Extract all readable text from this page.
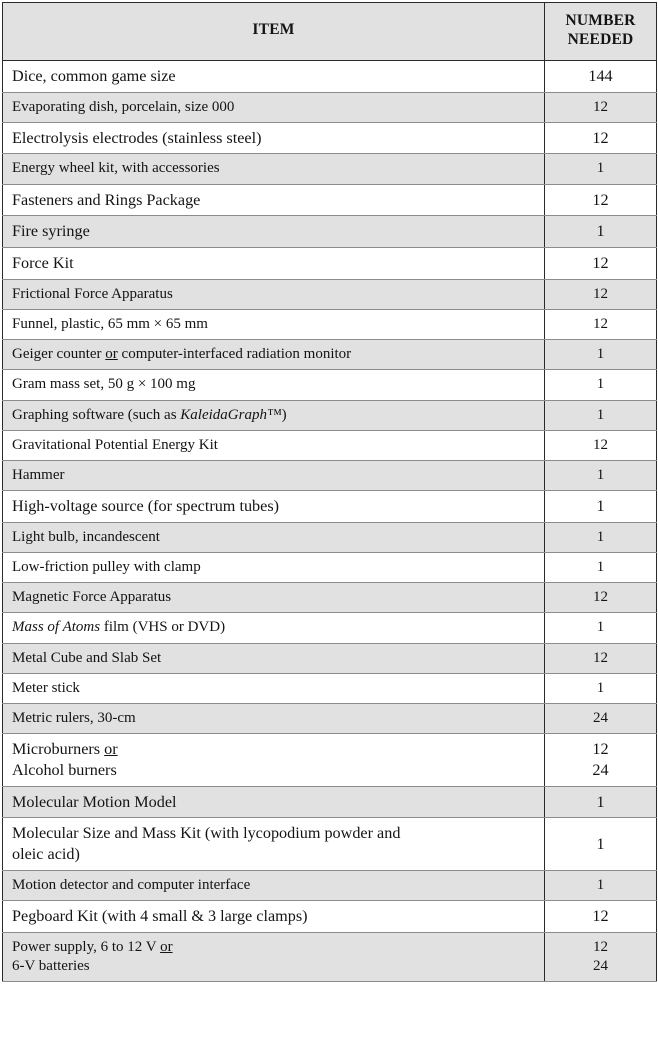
ITEM	NUMBER
NEEDED

Dice, common game size	144

Evaporating dish, porcelain, size 000	12

Electrolysis electrodes (stainless steel)	12

Energy wheel kit, with accessories	1

Fasteners and Rings Package	12

Fire syringe	1

Force Kit	12

Frictional Force Apparatus	12

Funnel, plastic, 65 mm × 65 mm	12

Geiger counter or computer-interfaced radiation monitor	1

Gram mass set, 50 g × 100 mg	1

Graphing software (such as KaleidaGraph™)	1

Gravitational Potential Energy Kit	12

Hammer	1

High-voltage source (for spectrum tubes)	1

Light bulb, incandescent	1

Low-friction pulley with clamp	1

Magnetic Force Apparatus	12

Mass of Atoms film (VHS or DVD)	1

Metal Cube and Slab Set	12

Meter stick	1

Metric rulers, 30-cm	24

Microburners or
Alcohol burners	12
24

Molecular Motion Model	1

Molecular Size and Mass Kit (with lycopodium powder and
oleic acid)	1

Motion detector and computer interface	1

Pegboard Kit (with 4 small & 3 large clamps)	12

Power supply, 6 to 12 V or
6-V batteries	12
24
